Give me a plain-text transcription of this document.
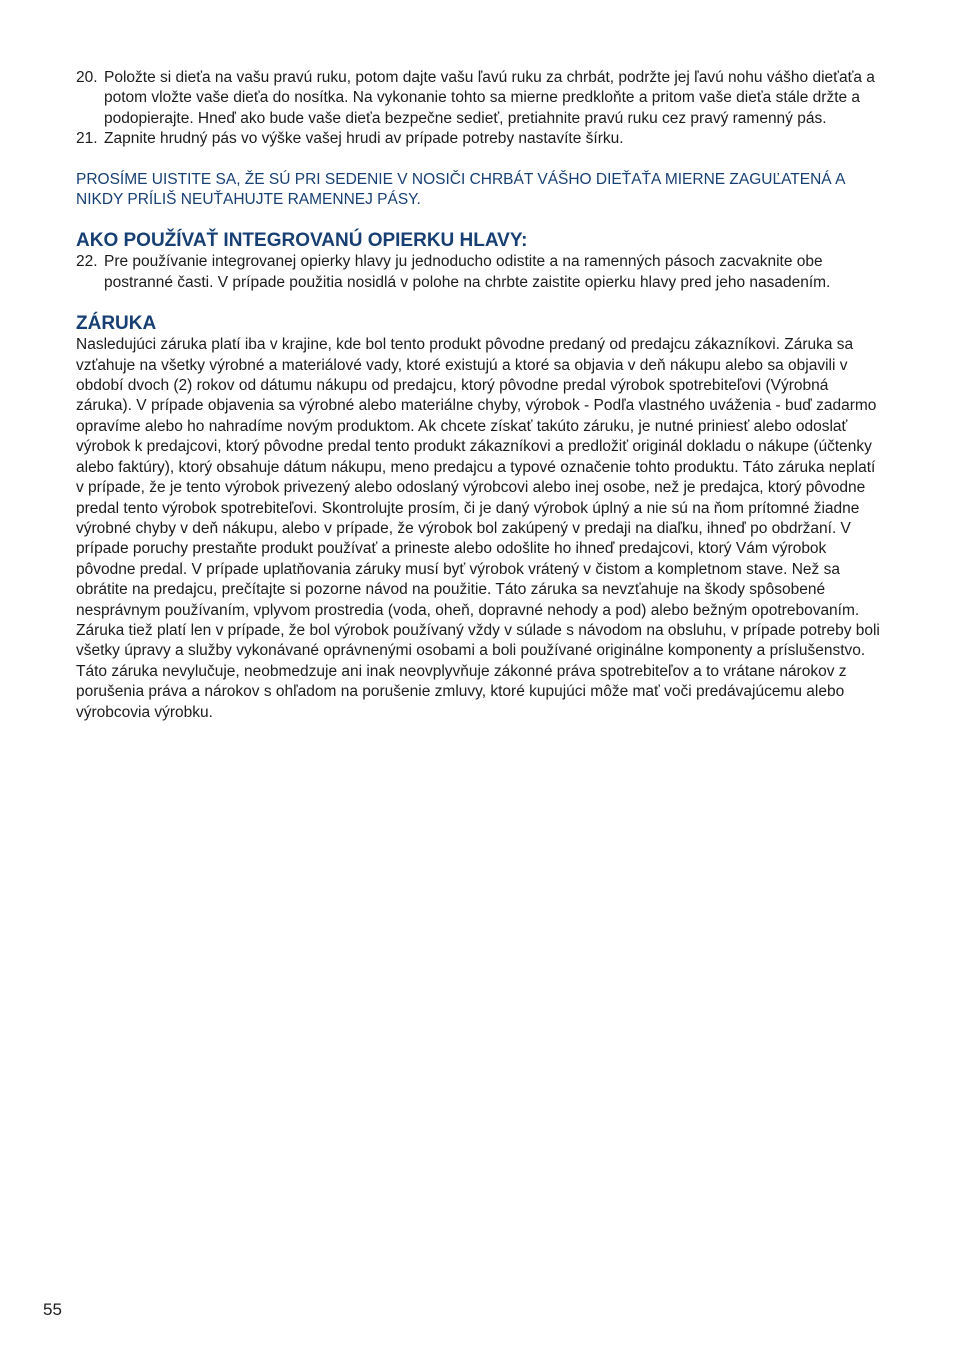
20. Položte si dieťa na vašu pravú ruku, potom dajte vašu ľavú ruku za chrbát, podržte jej ľavú nohu vášho dieťaťa a potom vložte vaše dieťa do nosítka. Na vykonanie tohto sa mierne predkloňte a pritom vaše dieťa stále držte a podopierajte. Hneď ako bude vaše dieťa bezpečne sedieť, pretiahnite pravú ruku cez pravý ramenný pás.
21. Zapnite hrudný pás vo výške vašej hrudi av prípade potreby nastavíte šírku.

PROSÍME UISTITE SA, ŽE SÚ PRI SEDENIE V NOSIČI CHRBÁT VÁŠHO DIEŤAŤA MIERNE ZAGUĽATENÁ A NIKDY PRÍLIŠ NEUŤAHUJTE RAMENNEJ PÁSY.

AKO POUŽÍVAŤ INTEGROVANÚ OPIERKU HLAVY:
22. Pre používanie integrovanej opierky hlavy ju jednoducho odistite a na ramenných pásoch zacvaknite obe postranné časti. V prípade použitia nosidlá v polohe na chrbte zaistite opierku hlavy pred jeho nasadením.
ZÁRUKA

Nasledujúci záruka platí iba v krajine, kde bol tento produkt pôvodne predaný od predajcu zákazníkovi. Záruka sa vzťahuje na všetky výrobné a materiálové vady, ktoré existujú a ktoré sa objavia v deň nákupu alebo sa objavili v období dvoch (2) rokov od dátumu nákupu od predajcu, ktorý pôvodne predal výrobok spotrebiteľovi (Výrobná záruka). V prípade objavenia sa výrobné alebo materiálne chyby, výrobok - Podľa vlastného uváženia - buď zadarmo opravíme alebo ho nahradíme novým produktom. Ak chcete získať takúto záruku, je nutné priniesť alebo odoslať výrobok k predajcovi, ktorý pôvodne predal tento produkt zákazníkovi a predložiť originál dokladu o nákupe (účtenky alebo faktúry), ktorý obsahuje dátum nákupu, meno predajcu a typové označenie tohto produktu. Táto záruka neplatí v prípade, že je tento výrobok privezený alebo odoslaný výrobcovi alebo inej osobe, než je predajca, ktorý pôvodne predal tento výrobok spotrebiteľovi. Skontrolujte prosím, či je daný výrobok úplný a nie sú na ňom prítomné žiadne výrobné chyby v deň nákupu, alebo v prípade, že výrobok bol zakúpený v predaji na diaľku, ihneď po obdržaní. V prípade poruchy prestaňte produkt používať a prineste alebo odošlite ho ihneď predajcovi, ktorý Vám výrobok pôvodne predal. V prípade uplatňovania záruky musí byť výrobok vrátený v čistom a kompletnom stave. Než sa obrátite na predajcu, prečítajte si pozorne návod na použitie. Táto záruka sa nevzťahuje na škody spôsobené nesprávnym používaním, vplyvom prostredia (voda, oheň, dopravné nehody a pod) alebo bežným opotrebovaním. Záruka tiež platí len v prípade, že bol výrobok používaný vždy v súlade s návodom na obsluhu, v prípade potreby boli všetky úpravy a služby vykonávané oprávnenými osobami a boli používané originálne komponenty a príslušenstvo. Táto záruka nevylučuje, neobmedzuje ani inak neovplyvňuje zákonné práva spotrebiteľov a to vrátane nárokov z porušenia práva a nárokov s ohľadom na porušenie zmluvy, ktoré kupujúci môže mať voči predávajúcemu alebo výrobcovia výrobku.

55
